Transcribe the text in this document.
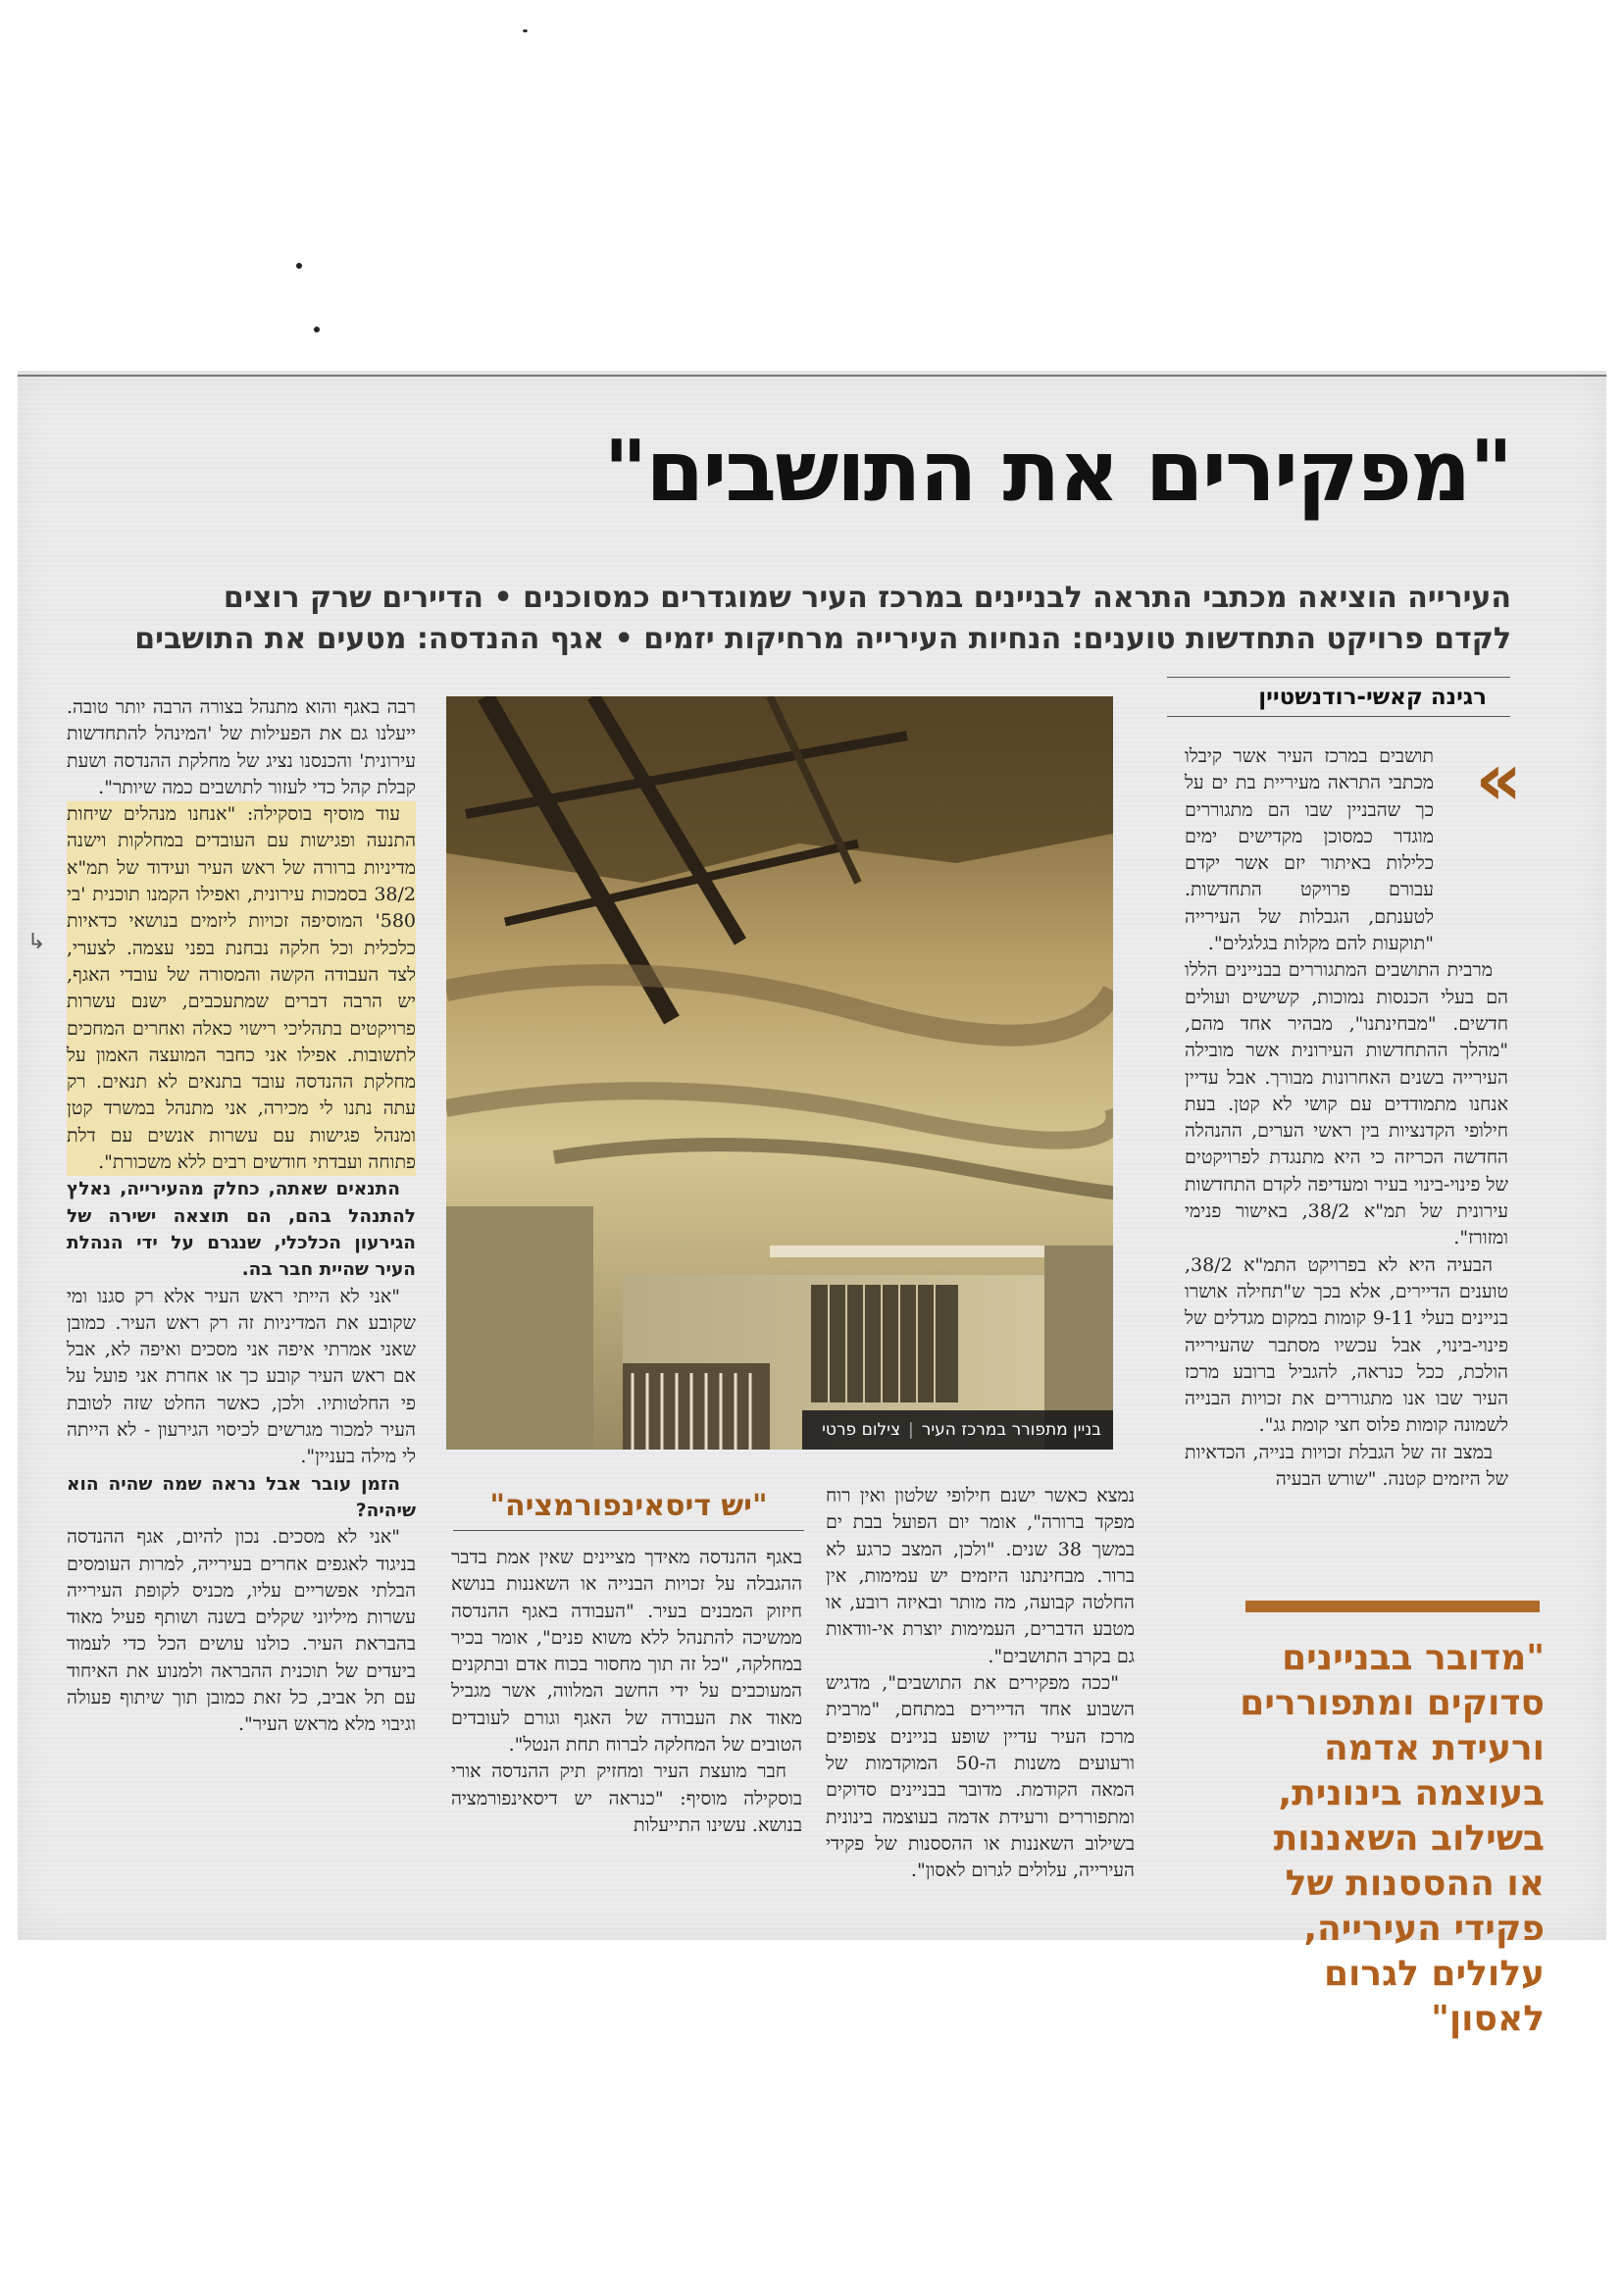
"מפקירים את התושבים"
העירייה הוציאה מכתבי התראה לבניינים במרכז העיר שמוגדרים כמסוכנים • הדיירים שרק רוצים
לקדם פרויקט התחדשות טוענים: הנחיות העירייה מרחיקות יזמים • אגף ההנדסה: מטעים את התושבים
רגינה קאשי-רודנשטיין
»

תושבים במרכז העיר אשר קיבלו מכתבי התראה מעיריית בת ים על כך שהבניין שבו הם מתגוררים מוגדר כמסוכן מקדישים ימים כלילות באיתור יזם אשר יקדם עבורם פרויקט התחדשות. לטענתם, הגבלות של העירייה "תוקעות להם מקלות בגלגלים".

מרבית התושבים המתגוררים בבניינים הללו הם בעלי הכנסות נמוכות, קשישים ועולים חדשים. "מבחינתנו", מבהיר אחד מהם, "מהלך ההתחדשות העירונית אשר מובילה העירייה בשנים האחרונות מבורך. אבל עדיין אנחנו מתמודדים עם קושי לא קטן. בעת חילופי הקדנציות בין ראשי הערים, ההנהלה החדשה הכריזה כי היא מתנגדת לפרויקטים של פינוי-בינוי בעיר ומעדיפה לקדם התחדשות עירונית של תמ"א 38/2, באישור פנימי ומזורז".

הבעיה היא לא בפרויקט התמ"א 38/2, טוענים הדיירים, אלא בכך ש"תחילה אושרו בניינים בעלי 9-11 קומות במקום מגדלים של פינוי-בינוי, אבל עכשיו מסתבר שהעירייה הולכת, ככל כנראה, להגביל ברובע מרכז העיר שבו אנו מתגוררים את זכויות הבנייה לשמונה קומות פלוס חצי קומת גג".

במצב זה של הגבלת זכויות בנייה, הכדאיות של היזמים קטנה. "שורש הבעיה

בניין מתפורר במרכז העיר|צילום פרטי
"יש דיסאינפורמציה"	נמצא כאשר ישנם חילופי שלטון ואין רוח מפקד ברורה", אומר יום הפועל בבת ים במשך 38 שנים. "ולכן, המצב כרגע לא ברור. מבחינתנו היזמים יש עמימות, אין החלטה קבועה, מה מותר ובאיזה רובע, או מטבע הדברים, העמימות יוצרת אי-וודאות גם בקרב התושבים".

"ככה מפקירים את התושבים", מדגיש השבוע אחד הדיירים במתחם, "מרבית מרכז העיר עדיין שופע בניינים צפופים ורעועים משנות ה-50 המוקדמות של המאה הקודמת. מדובר בבניינים סדוקים ומתפוררים ורעידת אדמה בעוצמה בינונית בשילוב השאננות או ההססנות של פקידי העירייה, עלולים לגרום לאסון".

באגף ההנדסה מאידך מציינים שאין אמת בדבר ההגבלה על זכויות הבנייה או השאננות בנושא חיזוק המבנים בעיר. "העבודה באגף ההנדסה ממשיכה להתנהל ללא משוא פנים", אומר בכיר במחלקה, "כל זה תוך מחסור בכוח אדם ובתקנים המעוכבים על ידי החשב המלווה, אשר מגביל מאוד את העבודה של האגף וגורם לעובדים הטובים של המחלקה לברוח תחת הנטל".

חבר מועצת העיר ומחזיק תיק ההנדסה אורי בוסקילה מוסיף: "כנראה יש דיסאינפורמציה בנושא. עשינו התייעלות

רבה באגף והוא מתנהל בצורה הרבה יותר טובה. ייעלנו גם את הפעילות של 'המינהל להתחדשות עירונית' והכנסנו נציג של מחלקת ההנדסה ושעת קבלת קהל כדי לעזור לתושבים כמה שיותר".

עוד מוסיף בוסקילה: "אנחנו מנהלים שיחות התנעה ופגישות עם העובדים במחלקות וישנה מדיניות ברורה של ראש העיר ועידוד של תמ"א 38/2 בסמכות עירונית, ואפילו הקמנו תוכנית 'בי 580' המוסיפה זכויות ליזמים בנושאי כדאיות כלכלית וכל חלקה נבחנת בפני עצמה. לצערי, לצד העבודה הקשה והמסורה של עובדי האגף, יש הרבה דברים שמתעכבים, ישנם עשרות פרויקטים בתהליכי רישוי כאלה ואחרים המחכים לתשובות. אפילו אני כחבר המועצה האמון על מחלקת ההנדסה עובד בתנאים לא תנאים. רק עתה נתנו לי מכירה, אני מתנהל במשרד קטן ומנהל פגישות עם עשרות אנשים עם דלת פתוחה ועבדתי חודשים רבים ללא משכורת".

התנאים שאתה, כחלק מהעירייה, נאלץ להתנהל בהם, הם תוצאה ישירה של הגירעון הכלכלי, שנגרם על ידי הנהלת העיר שהיית חבר בה.

"אני לא הייתי ראש העיר אלא רק סגנו ומי שקובע את המדיניות זה רק ראש העיר. כמובן שאני אמרתי איפה אני מסכים ואיפה לא, אבל אם ראש העיר קובע כך או אחרת אני פועל על פי החלטותיו. ולכן, כאשר החלט שזה לטובת העיר למכור מגרשים לכיסוי הגירעון - לא הייתה לי מילה בעניין".

הזמן עובר אבל נראה שמה שהיה הוא שיהיה?

"אני לא מסכים. נכון להיום, אגף ההנדסה בניגוד לאגפים אחרים בעירייה, למרות העומסים הבלתי אפשריים עליו, מכניס לקופת העירייה עשרות מיליוני שקלים בשנה ושותף פעיל מאוד בהבראת העיר. כולנו עושים הכל כדי לעמוד ביעדים של תוכנית ההבראה ולמנוע את האיחוד עם תל אביב, כל זאת כמובן תוך שיתוף פעולה וגיבוי מלא מראש העיר".

↳
"מדובר בבניינים סדוקים ומתפוררים ורעידת אדמה בעוצמה בינונית, בשילוב השאננות או ההססנות של פקידי העירייה, עלולים לגרום לאסון"
